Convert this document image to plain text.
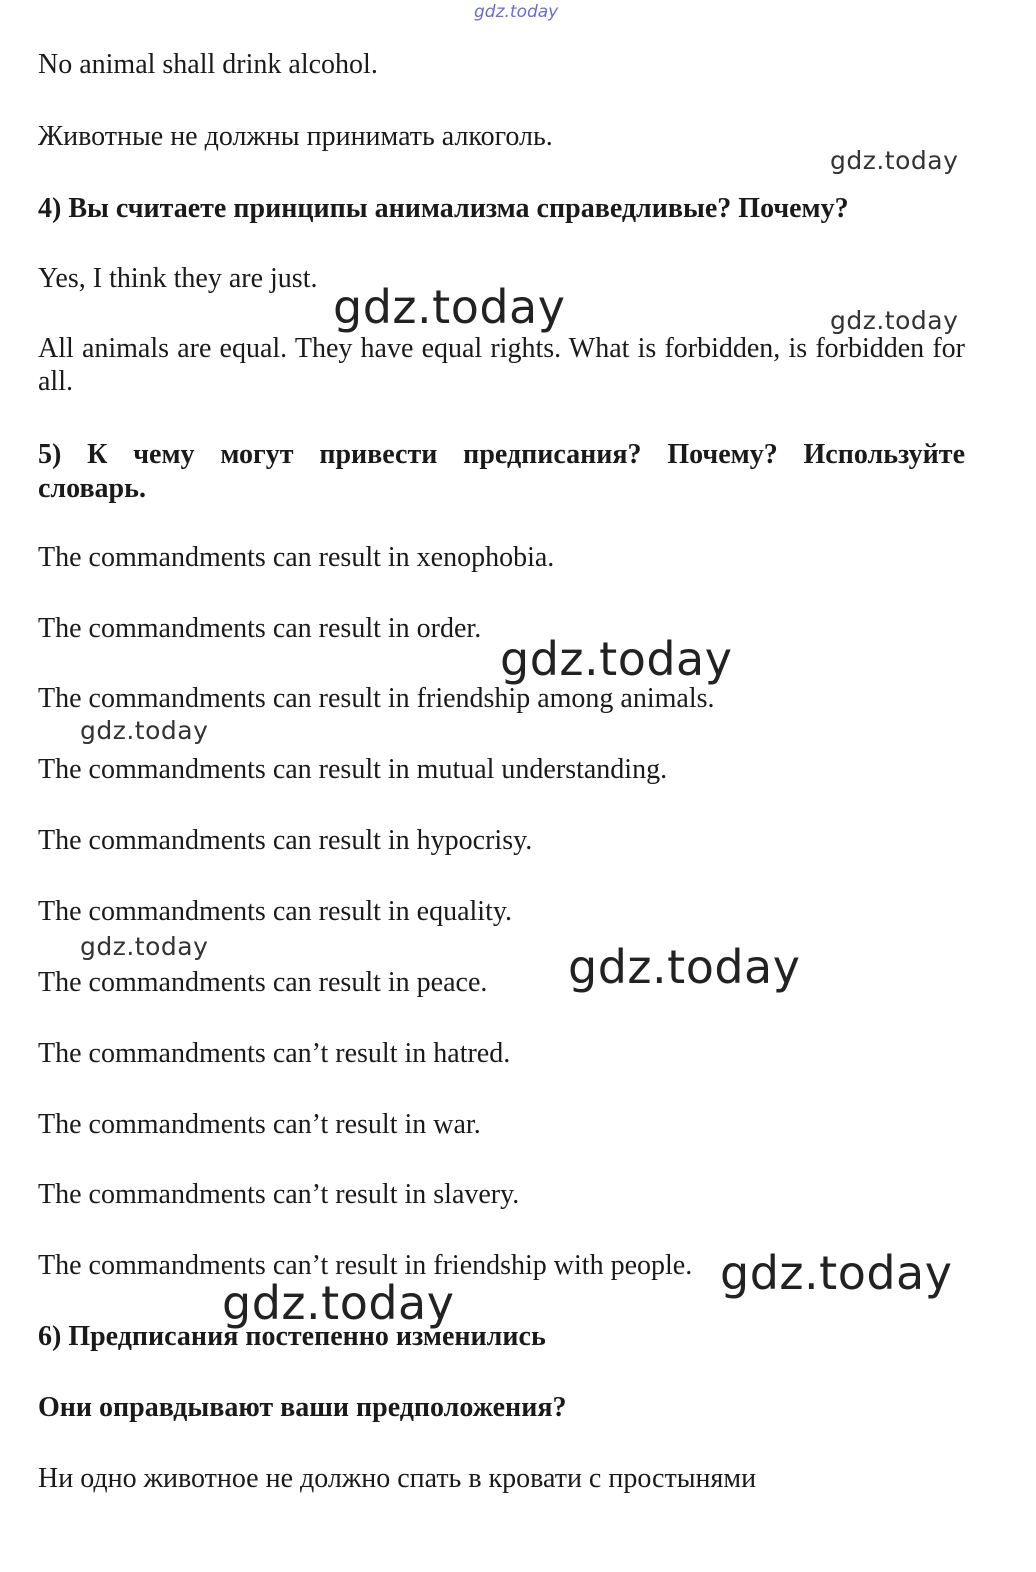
gdz.today

No animal shall drink alcohol.

Животные не должны принимать алкоголь.

4) Вы считаете принципы анимализма справедливые? Почему?

Yes, I think they are just.

All animals are equal. They have equal rights. What is forbidden, is forbidden for all.

5) К чему могут привести предписания? Почему? Используйте

словарь.

The commandments can result in xenophobia.

The commandments can result in order.

The commandments can result in friendship among animals.

The commandments can result in mutual understanding.

The commandments can result in hypocrisy.

The commandments can result in equality.

The commandments can result in peace.

The commandments can’t result in hatred.

The commandments can’t result in war.

The commandments can’t result in slavery.

The commandments can’t result in friendship with people.

6) Предписания постепенно изменились

Они оправдывают ваши предположения?

Ни одно животное не должно спать в кровати с простынями

gdz.today
gdz.today	gdz.today
gdz.today
gdz.today
gdz.today	gdz.today
gdz.today
gdz.today
